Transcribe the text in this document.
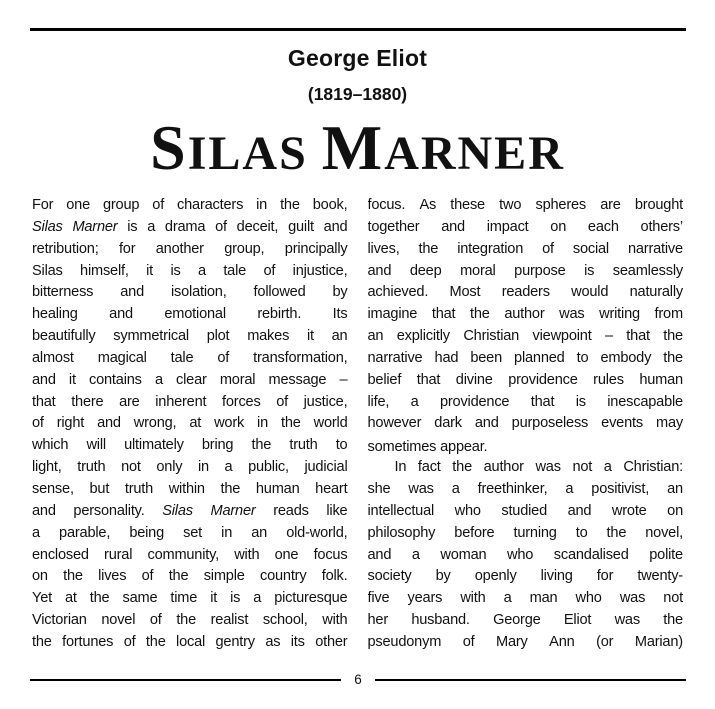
George Eliot
(1819–1880)
SILAS MARNER
For one group of characters in the book,
Silas Marner is a drama of deceit, guilt and
retribution; for another group, principally
Silas himself, it is a tale of injustice,
bitterness and isolation, followed by
healing and emotional rebirth. Its
beautifully symmetrical plot makes it an
almost magical tale of transformation,
and it contains a clear moral message –
that there are inherent forces of justice,
of right and wrong, at work in the world
which will ultimately bring the truth to
light, truth not only in a public, judicial
sense, but truth within the human heart
and personality. Silas Marner reads like
a parable, being set in an old-world,
enclosed rural community, with one focus
on the lives of the simple country folk.
Yet at the same time it is a picturesque
Victorian novel of the realist school, with
the fortunes of the local gentry as its other
focus. As these two spheres are brought
together and impact on each others’
lives, the integration of social narrative
and deep moral purpose is seamlessly
achieved. Most readers would naturally
imagine that the author was writing from
an explicitly Christian viewpoint – that the
narrative had been planned to embody the
belief that divine providence rules human
life, a providence that is inescapable
however dark and purposeless events may
sometimes appear.
In fact the author was not a Christian:
she was a freethinker, a positivist, an
intellectual who studied and wrote on
philosophy before turning to the novel,
and a woman who scandalised polite
society by openly living for twenty-
five years with a man who was not
her husband. George Eliot was the
pseudonym of Mary Ann (or Marian)
6
